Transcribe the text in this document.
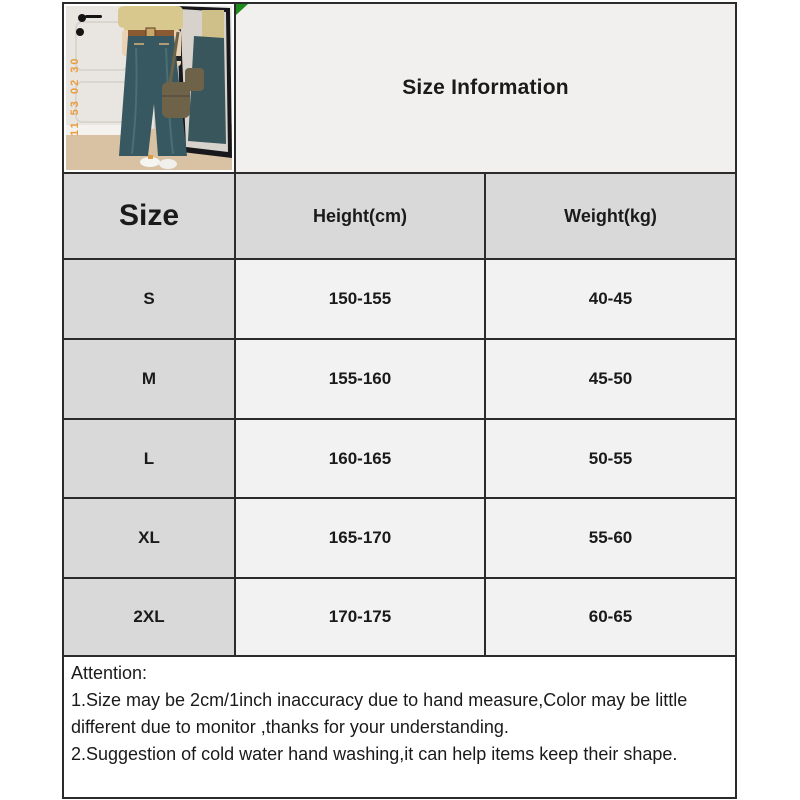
11 53 02 30	Size Information
Size	Height(cm)	Weight(kg)
S	150-155	40-45
M	155-160	45-50
L	160-165	50-55
XL	165-170	55-60
2XL	170-175	60-65
Attention:
1.Size may be 2cm/1inch inaccuracy due to hand measure,Color may be little different due to monitor ,thanks for your understanding.
2.Suggestion of cold water hand washing,it can help items keep their shape.
